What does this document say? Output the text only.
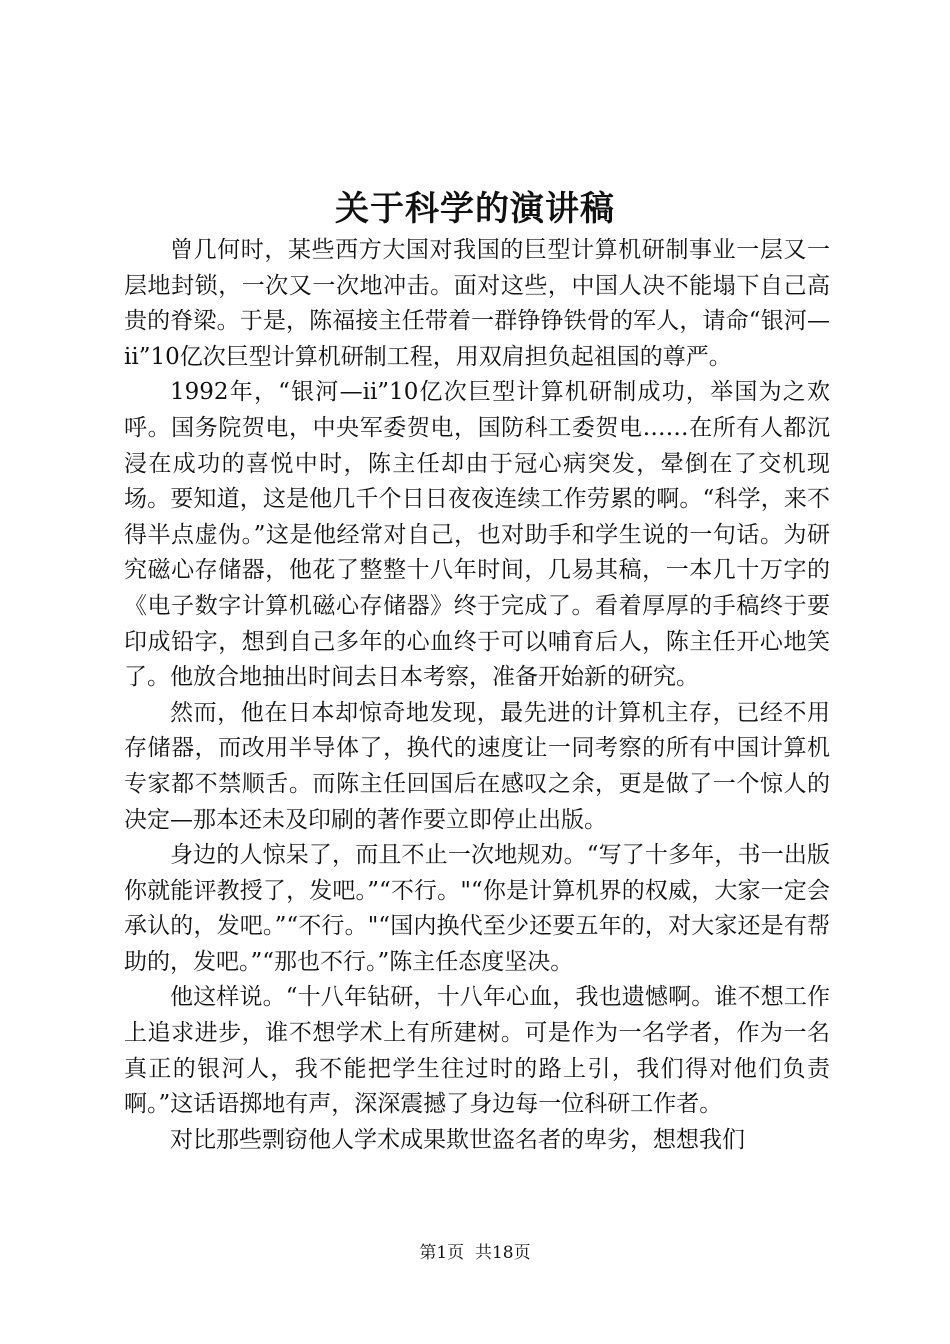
关于科学的演讲稿

曾几何时，某些西方大国对我国的巨型计算机研制事业一层又一层地封锁，一次又一次地冲击。面对这些，中国人决不能塌下自己高贵的脊梁。于是，陈福接主任带着一群铮铮铁骨的军人，请命“银河—ii”10亿次巨型计算机研制工程，用双肩担负起祖国的尊严。

1992年，“银河—ii”10亿次巨型计算机研制成功，举国为之欢呼。国务院贺电，中央军委贺电，国防科工委贺电……在所有人都沉浸在成功的喜悦中时，陈主任却由于冠心病突发，晕倒在了交机现场。要知道，这是他几千个日日夜夜连续工作劳累的啊。“科学，来不得半点虚伪。”这是他经常对自己，也对助手和学生说的一句话。为研究磁心存储器，他花了整整十八年时间，几易其稿，一本几十万字的《电子数字计算机磁心存储器》终于完成了。看着厚厚的手稿终于要印成铅字，想到自己多年的心血终于可以哺育后人，陈主任开心地笑了。他放合地抽出时间去日本考察，准备开始新的研究。

然而，他在日本却惊奇地发现，最先进的计算机主存，已经不用存储器，而改用半导体了，换代的速度让一同考察的所有中国计算机专家都不禁顺舌。而陈主任回国后在感叹之余，更是做了一个惊人的决定—那本还未及印刷的著作要立即停止出版。

身边的人惊呆了，而且不止一次地规劝。“写了十多年，书一出版你就能评教授了，发吧。”“不行。"“你是计算机界的权威，大家一定会承认的，发吧。”“不行。"“国内换代至少还要五年的，对大家还是有帮助的，发吧。”“那也不行。”陈主任态度坚决。

他这样说。“十八年钻研，十八年心血，我也遗憾啊。谁不想工作上追求进步，谁不想学术上有所建树。可是作为一名学者，作为一名真正的银河人，我不能把学生往过时的路上引，我们得对他们负责啊。”这话语掷地有声，深深震撼了身边每一位科研工作者。

对比那些剽窃他人学术成果欺世盗名者的卑劣，想想我们

第1页  共18页
